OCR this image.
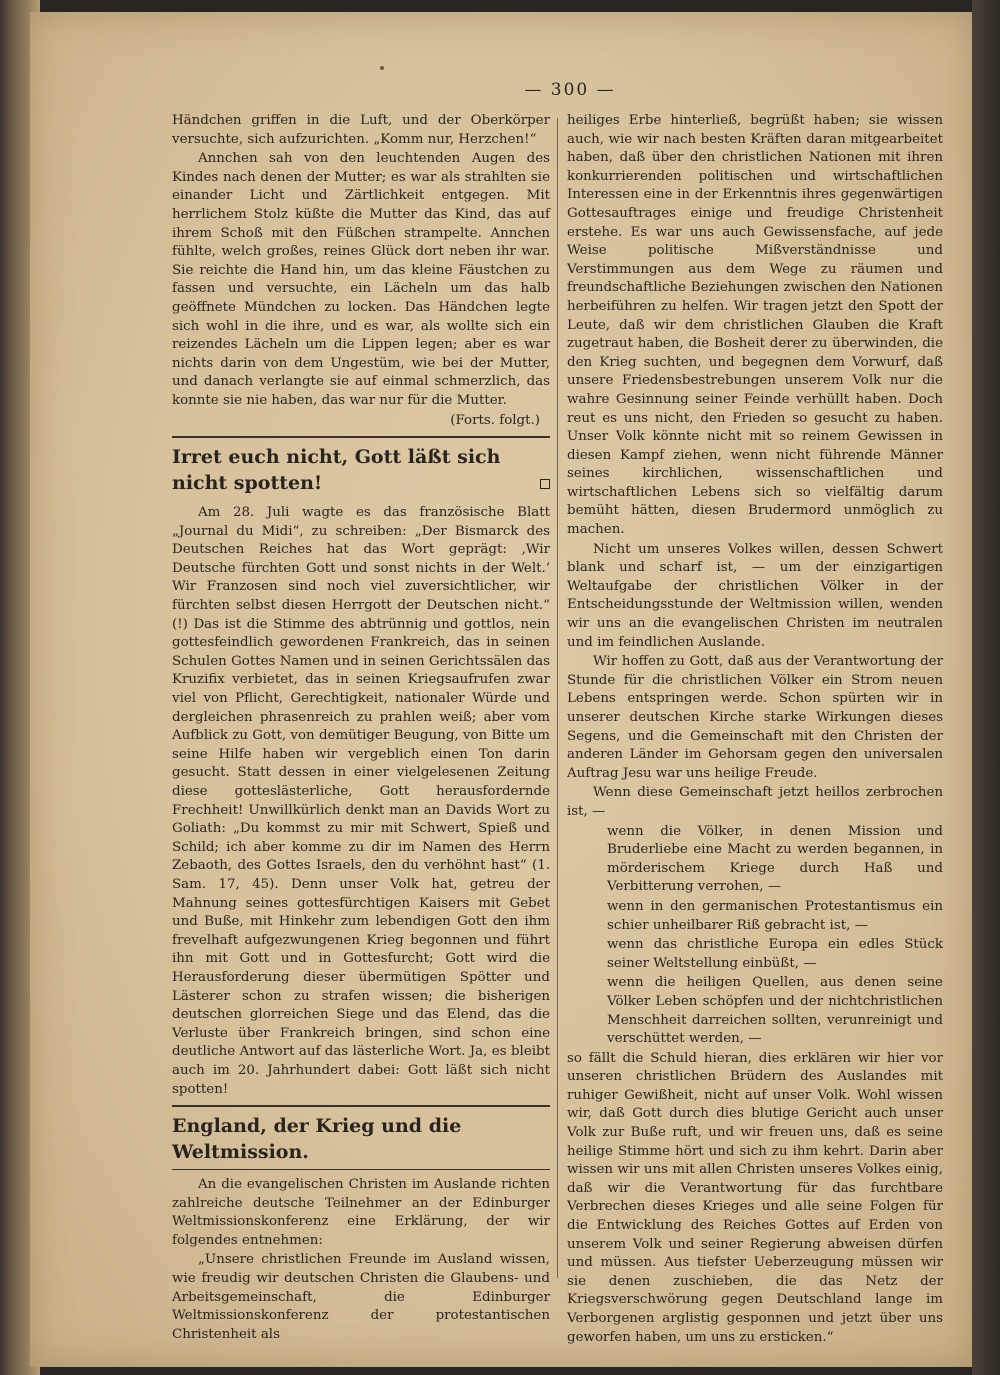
— 300 —

Händchen griffen in die Luft, und der Oberkörper versuchte, sich aufzurichten. „Komm nur, Herzchen!“

Annchen sah von den leuchtenden Augen des Kindes nach denen der Mutter; es war als strahlten sie einander Licht und Zärtlichkeit entgegen. Mit herrlichem Stolz küßte die Mutter das Kind, das auf ihrem Schoß mit den Füßchen strampelte. Annchen fühlte, welch großes, reines Glück dort neben ihr war. Sie reichte die Hand hin, um das kleine Fäustchen zu fassen und versuchte, ein Lächeln um das halb geöffnete Mündchen zu locken. Das Händchen legte sich wohl in die ihre, und es war, als wollte sich ein reizendes Lächeln um die Lippen legen; aber es war nichts darin von dem Ungestüm, wie bei der Mutter, und danach verlangte sie auf einmal schmerzlich, das konnte sie nie haben, das war nur für die Mutter.

(Forts. folgt.)
Irret euch nicht, Gott läßt sich nicht spotten!

Am 28. Juli wagte es das französische Blatt „Journal du Midi“, zu schreiben: „Der Bismarck des Deutschen Reiches hat das Wort geprägt: ‚Wir Deutsche fürchten Gott und sonst nichts in der Welt.‘ Wir Franzosen sind noch viel zuversichtlicher, wir fürchten selbst diesen Herrgott der Deutschen nicht.“ (!) Das ist die Stimme des abtrünnig und gottlos, nein gottesfeindlich gewordenen Frankreich, das in seinen Schulen Gottes Namen und in seinen Gerichtssälen das Kruzifix verbietet, das in seinen Kriegsaufrufen zwar viel von Pflicht, Gerechtigkeit, nationaler Würde und dergleichen phrasenreich zu prahlen weiß; aber vom Aufblick zu Gott, von demütiger Beugung, von Bitte um seine Hilfe haben wir vergeblich einen Ton darin gesucht. Statt dessen in einer vielgelesenen Zeitung diese gotteslästerliche, Gott herausfordernde Frechheit! Unwillkürlich denkt man an Davids Wort zu Goliath: „Du kommst zu mir mit Schwert, Spieß und Schild; ich aber komme zu dir im Namen des Herrn Zebaoth, des Gottes Israels, den du verhöhnt hast“ (1. Sam. 17, 45). Denn unser Volk hat, getreu der Mahnung seines gottesfürchtigen Kaisers mit Gebet und Buße, mit Hinkehr zum lebendigen Gott den ihm frevelhaft aufgezwungenen Krieg begonnen und führt ihn mit Gott und in Gottesfurcht; Gott wird die Herausforderung dieser übermütigen Spötter und Lästerer schon zu strafen wissen; die bisherigen deutschen glorreichen Siege und das Elend, das die Verluste über Frankreich bringen, sind schon eine deutliche Antwort auf das lästerliche Wort. Ja, es bleibt auch im 20. Jahrhundert dabei: Gott läßt sich nicht spotten!

England, der Krieg und die Weltmission.

An die evangelischen Christen im Auslande richten zahlreiche deutsche Teilnehmer an der Edinburger Weltmissionskonferenz eine Erklärung, der wir folgendes entnehmen:

„Unsere christlichen Freunde im Ausland wissen, wie freudig wir deutschen Christen die Glaubens- und Arbeitsgemeinschaft, die Edinburger Weltmissionskonferenz der protestantischen Christenheit als

heiliges Erbe hinterließ, begrüßt haben; sie wissen auch, wie wir nach besten Kräften daran mitgearbeitet haben, daß über den christlichen Nationen mit ihren konkurrierenden politischen und wirtschaftlichen Interessen eine in der Erkenntnis ihres gegenwärtigen Gottesauftrages einige und freudige Christenheit erstehe. Es war uns auch Gewissensfache, auf jede Weise politische Mißverständnisse und Verstimmungen aus dem Wege zu räumen und freundschaftliche Beziehungen zwischen den Nationen herbeiführen zu helfen. Wir tragen jetzt den Spott der Leute, daß wir dem christlichen Glauben die Kraft zugetraut haben, die Bosheit derer zu überwinden, die den Krieg suchten, und begegnen dem Vorwurf, daß unsere Friedensbestrebungen unserem Volk nur die wahre Gesinnung seiner Feinde verhüllt haben. Doch reut es uns nicht, den Frieden so gesucht zu haben. Unser Volk könnte nicht mit so reinem Gewissen in diesen Kampf ziehen, wenn nicht führende Männer seines kirchlichen, wissenschaftlichen und wirtschaftlichen Lebens sich so vielfältig darum bemüht hätten, diesen Brudermord unmöglich zu machen.

Nicht um unseres Volkes willen, dessen Schwert blank und scharf ist, — um der einzigartigen Weltaufgabe der christlichen Völker in der Entscheidungsstunde der Weltmission willen, wenden wir uns an die evangelischen Christen im neutralen und im feindlichen Auslande.

Wir hoffen zu Gott, daß aus der Verantwortung der Stunde für die christlichen Völker ein Strom neuen Lebens entspringen werde. Schon spürten wir in unserer deutschen Kirche starke Wirkungen dieses Segens, und die Gemeinschaft mit den Christen der anderen Länder im Gehorsam gegen den universalen Auftrag Jesu war uns heilige Freude.

Wenn diese Gemeinschaft jetzt heillos zerbrochen ist, —

wenn die Völker, in denen Mission und Bruderliebe eine Macht zu werden begannen, in mörderischem Kriege durch Haß und Verbitterung verrohen, —

wenn in den germanischen Protestantismus ein schier unheilbarer Riß gebracht ist, —

wenn das christliche Europa ein edles Stück seiner Weltstellung einbüßt, —

wenn die heiligen Quellen, aus denen seine Völker Leben schöpfen und der nichtchristlichen Menschheit darreichen sollten, verunreinigt und verschüttet werden, —

so fällt die Schuld hieran, dies erklären wir hier vor unseren christlichen Brüdern des Auslandes mit ruhiger Gewißheit, nicht auf unser Volk. Wohl wissen wir, daß Gott durch dies blutige Gericht auch unser Volk zur Buße ruft, und wir freuen uns, daß es seine heilige Stimme hört und sich zu ihm kehrt. Darin aber wissen wir uns mit allen Christen unseres Volkes einig, daß wir die Verantwortung für das furchtbare Verbrechen dieses Krieges und alle seine Folgen für die Entwicklung des Reiches Gottes auf Erden von unserem Volk und seiner Regierung abweisen dürfen und müssen. Aus tiefster Ueberzeugung müssen wir sie denen zuschieben, die das Netz der Kriegsverschwörung gegen Deutschland lange im Verborgenen arglistig gesponnen und jetzt über uns geworfen haben, um uns zu ersticken.“
